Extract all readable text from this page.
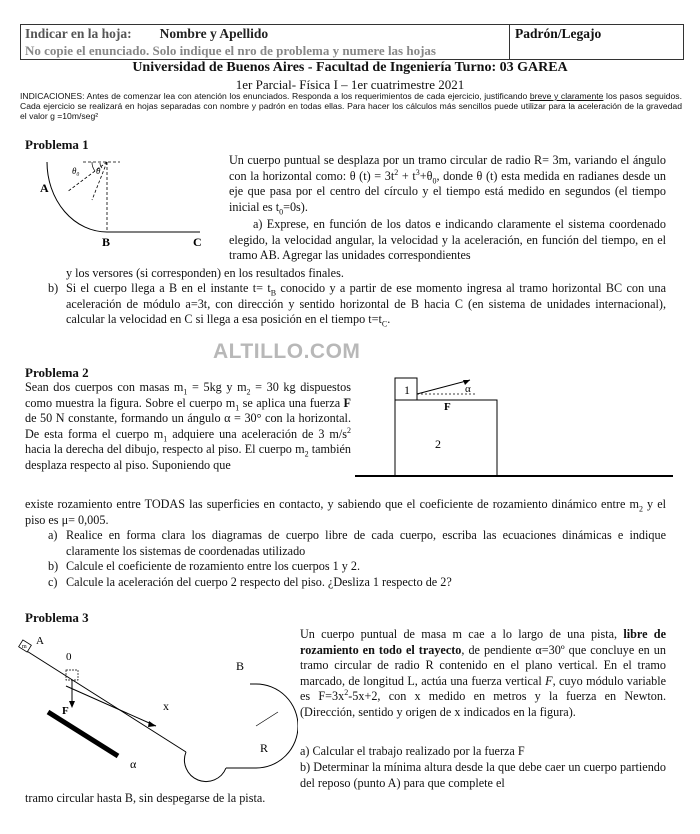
Indicar en la hoja: Nombre y Apellido
No copie el enunciado. Solo indique el nro de problema y numere las hojas
Padrón/Legajo
Universidad de Buenos Aires - Facultad de Ingeniería Turno: 03 GAREA
1er Parcial- Física I – 1er cuatrimestre 2021
INDICACIONES: Antes de comenzar lea con atención los enunciados. Responda a los requerimientos de cada ejercicio, justificando breve y claramente los pasos seguidos. Cada ejercicio se realizará en hojas separadas con nombre y padrón en todas ellas. Para hacer los cálculos más sencillos puede utilizar para la aceleración de la gravedad el valor g =10m/seg²
Problema 1
θ₀ θ
A
B	C
Un cuerpo puntual se desplaza por un tramo circular de radio R= 3m, variando el ángulo con la horizontal como: θ $(t) = 3t^2 + t^3+\theta_0$, donde θ (t) esta medida en radianes desde un eje que pasa por el centro del círculo y el tiempo está medido en segundos (el tiempo inicial es $t_0=0s$).
a) Exprese, en función de los datos e indicando claramente el sistema coordenado elegido, la velocidad angular, la velocidad y la aceleración, en función del tiempo, en el tramo AB. Agregar las unidades correspondientes
y los versores (si corresponden) en los resultados finales.
b) Si el cuerpo llega a B en el instante $t= t_B$ conocido y a partir de ese momento ingresa al tramo horizontal BC con una aceleración de módulo a=3t, con dirección y sentido horizontal de B hacia C (en sistema de unidades internacional), calcular la velocidad en C si llega a esa posición en el tiempo $t=t_C$.
ALTILLO.COM
Problema 2
Sean dos cuerpos con masas $m_1 = 5kg$ y $m_2 = 30$ kg dispuestos como muestra la figura. Sobre el cuerpo $m_1$ se aplica una fuerza F de 50 N constante, formando un ángulo α = 30° con la horizontal. De esta forma el cuerpo $m_1$ adquiere una aceleración de 3 $m/s^2$ hacia la derecha del dibujo, respecto al piso. El cuerpo $m_2$ también desplaza respecto al piso. Suponiendo que
1	α
F
2
existe rozamiento entre TODAS las superficies en contacto, y sabiendo que el coeficiente de rozamiento dinámico entre $m_2$ y el piso es μ= 0,005.
a) Realice en forma clara los diagramas de cuerpo libre de cada cuerpo, escriba las ecuaciones dinámicas e indique claramente los sistemas de coordenadas utilizado
b) Calcule el coeficiente de rozamiento entre los cuerpos 1 y 2.
c) Calcule la aceleración del cuerpo 2 respecto del piso. ¿Desliza 1 respecto de 2?
Problema 3
m A
0
B
R
x
F
α
Un cuerpo puntual de masa m cae a lo largo de una pista, libre de rozamiento en todo el trayecto, de pendiente α=30º que concluye en un tramo circular de radio R contenido en el plano vertical. En el tramo marcado, de longitud L, actúa una fuerza vertical F, cuyo módulo variable es $F=3x^2-5x+2$, con x medido en metros y la fuerza en Newton. (Dirección, sentido y origen de x indicados en la figura).
a) Calcular el trabajo realizado por la fuerza F
b) Determinar la mínima altura desde la que debe caer un cuerpo partiendo del reposo (punto A) para que complete el
tramo circular hasta B, sin despegarse de la pista.
